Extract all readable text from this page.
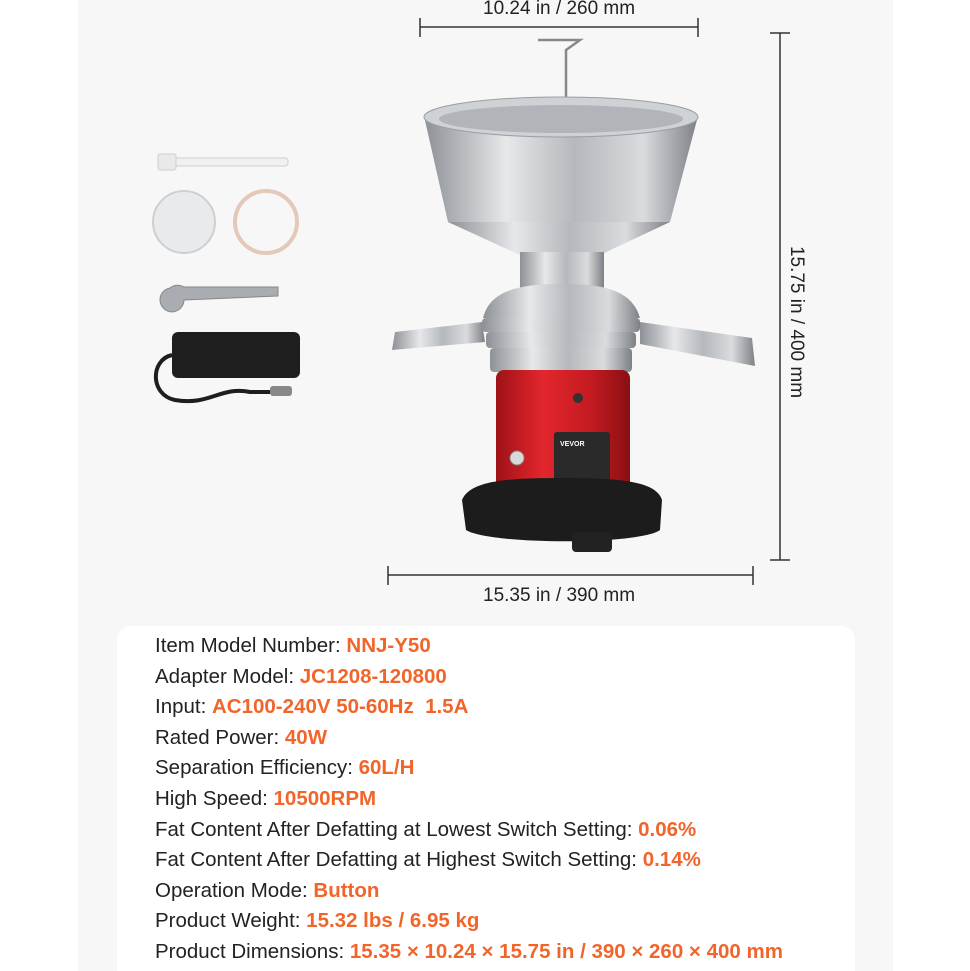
VEVOR
10.24 in / 260 mm
15.75 in / 400 mm
15.35 in / 390 mm
Item Model Number: NNJ-Y50
Adapter Model: JC1208-120800
Input: AC100-240V 50-60Hz  1.5A
Rated Power: 40W
Separation Efficiency: 60L/H
High Speed: 10500RPM
Fat Content After Defatting at Lowest Switch Setting: 0.06%
Fat Content After Defatting at Highest Switch Setting: 0.14%
Operation Mode: Button
Product Weight: 15.32 lbs / 6.95 kg
Product Dimensions: 15.35 × 10.24 × 15.75 in / 390 × 260 × 400 mm
